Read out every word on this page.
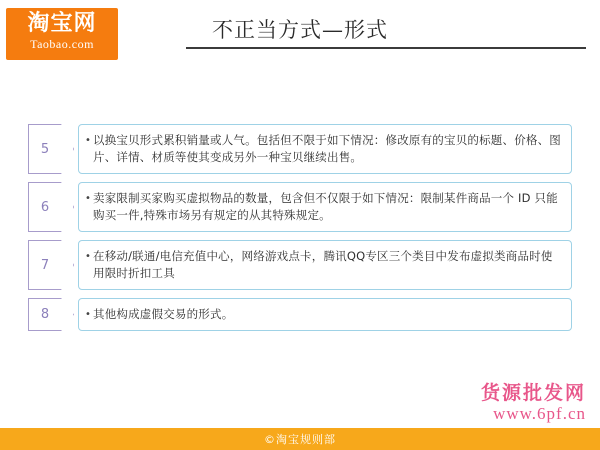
不正当方式—形式
淘宝网
Taobao.com
5
• 以换宝贝形式累积销量或人气。包括但不限于如下情况：修改原有的宝贝的标题、价格、图片、详情、材质等使其变成另外一种宝贝继续出售。
6
• 卖家限制买家购买虚拟物品的数量，包含但不仅限于如下情况：限制某件商品一个 ID 只能购买一件,特殊市场另有规定的从其特殊规定。
7
• 在移动/联通/电信充值中心，网络游戏点卡，腾讯QQ专区三个类目中发布虚拟类商品时使用限时折扣工具
8	• 其他构成虚假交易的形式。
货源批发网
www.6pf.cn
©淘宝规则部
